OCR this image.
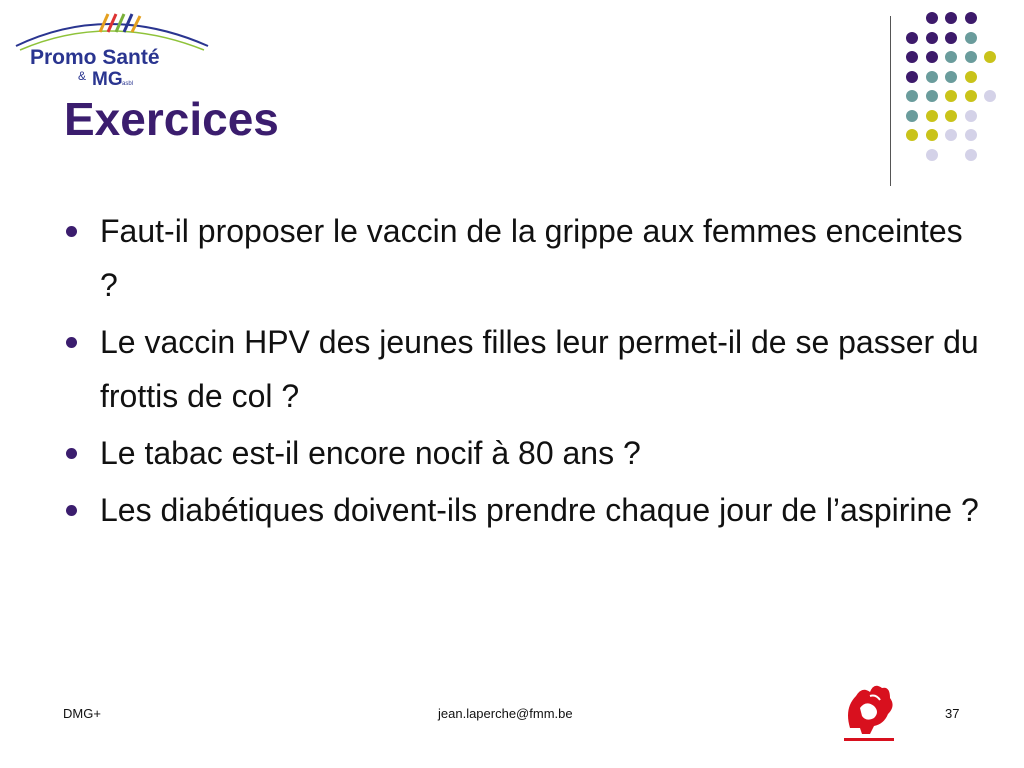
Promo Santé
& MG asbl
Exercices
Faut-il proposer le vaccin de la grippe aux femmes enceintes ?
Le vaccin HPV des jeunes filles leur permet-il de se passer du frottis de col ?
Le tabac est-il encore nocif à 80 ans ?
Les diabétiques doivent-ils prendre chaque jour de l’aspirine ?
DMG+	jean.laperche@fmm.be	37
